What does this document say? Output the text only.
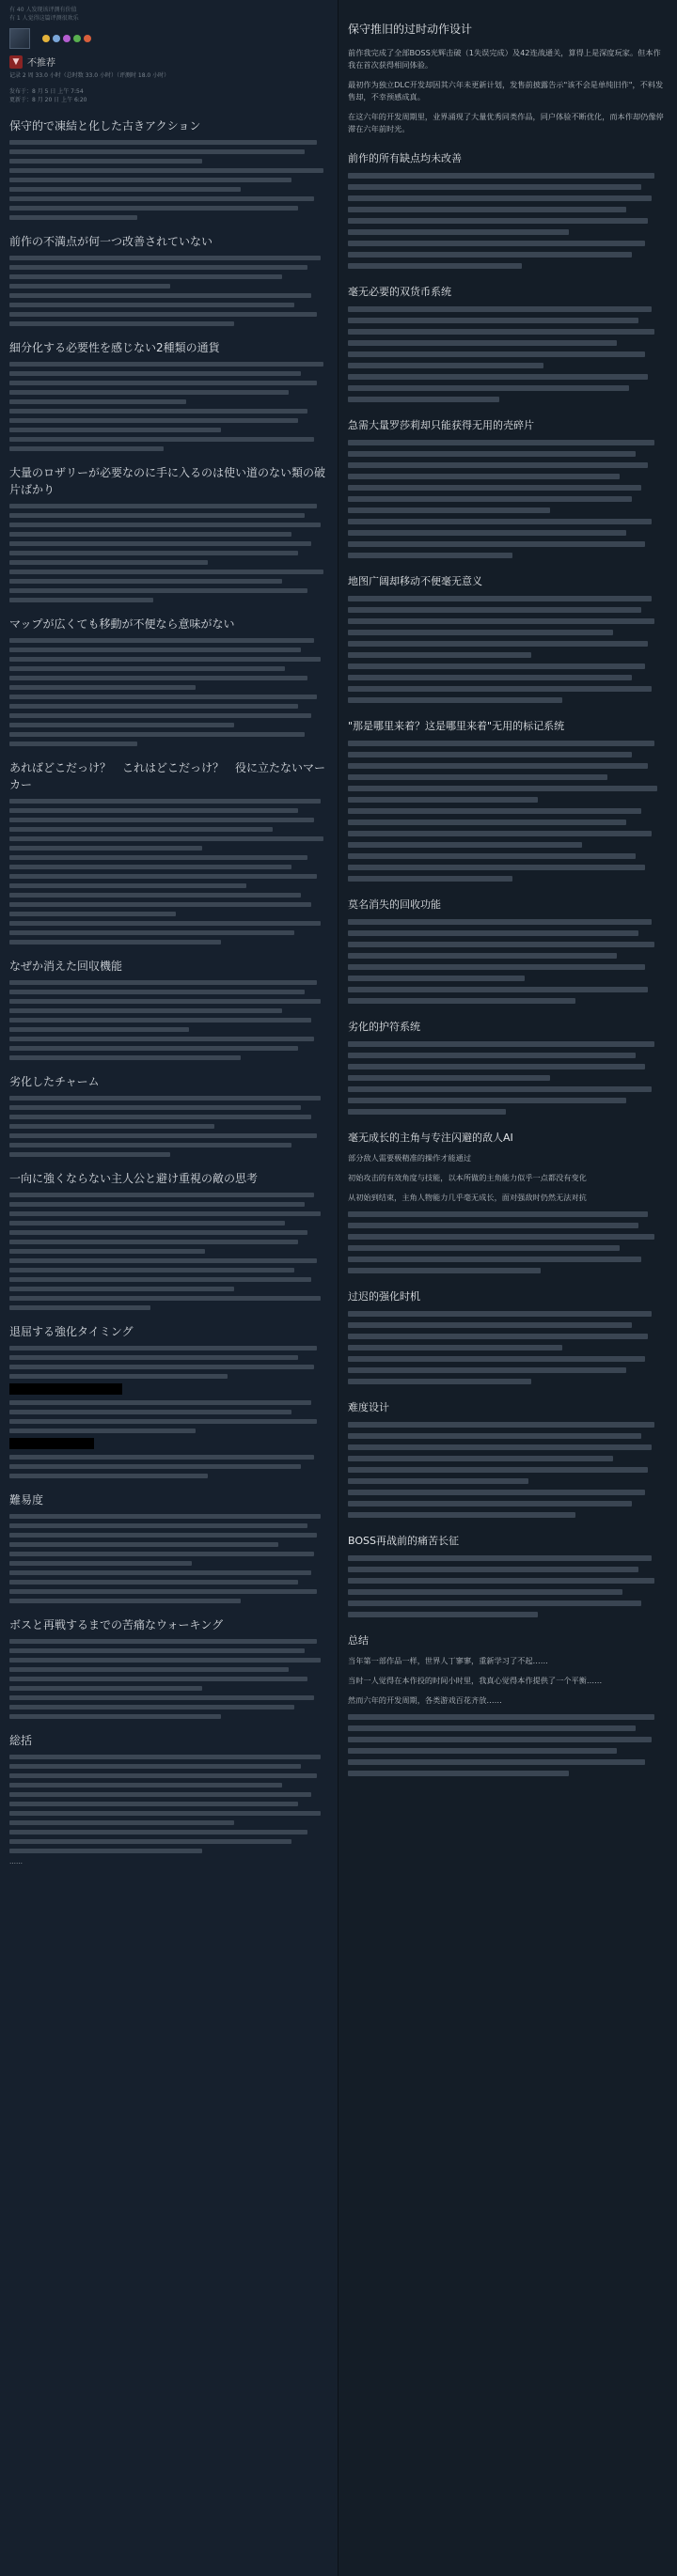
有 40 人发现该评测有价值
有 1 人觉得这篇评测很欢乐
▼ 不推荐
记录 2 周 33.0 小时（总时数 33.0 小时）（评测时 18.0 小时）
发布于：8 月 5 日 上午 7:54
更新于：8 月 20 日 上午 6:20
保守的で凍結と化した古きアクション
前作の不満点が何一つ改善されていない
細分化する必要性を感じない2種類の通貨
大量のロザリーが必要なのに手に入るのは使い道のない類の破片ばかり
マップが広くても移動が不便なら意味がない
あればどこだっけ？　これはどこだっけ？　役に立たないマーカー
なぜか消えた回収機能
劣化したチャーム
一向に強くならない主人公と避け重視の敵の思考
退屈する強化タイミング
難易度
ボスと再戦するまでの苦痛なウォーキング
総括
……
保守推旧的过时动作设计
前作我完成了全部BOSS光辉击破（1失误完成）及42连战通关，算得上是深度玩家。但本作我在首次获得相同体验。
最初作为独立DLC开发却因其六年未更新计划，发售前披露告示"该不会是单纯旧作"，不料发售却，不幸预感成真。
在这六年的开发周期里，业界涌现了大量优秀同类作品，同户体验不断优化，而本作却仍像停滞在六年前时光。
前作的所有缺点均未改善
毫无必要的双货币系统
急需大量罗莎莉却只能获得无用的壳碎片
地图广阔却移动不便毫无意义
"那是哪里来着？这是哪里来着"无用的标记系统
莫名消失的回收功能
劣化的护符系统
毫无成长的主角与专注闪避的敌人AI
部分敌人需要极精准的操作才能通过
初始攻击的有效角度与技能，以本所做的主角能力似乎一点都没有变化
从初始到结束，主角人物能力几乎毫无成长，面对强敌时仍然无法对抗
过迟的强化时机
难度设计
BOSS再战前的痛苦长征
总结
当年第一部作品一样，世界人丁寥寥，重新学习了不起……
当时一人觉得在本作投的时间小时里，我真心觉得本作提供了一个平衡……
然而六年的开发周期，各类游戏百花齐放……
